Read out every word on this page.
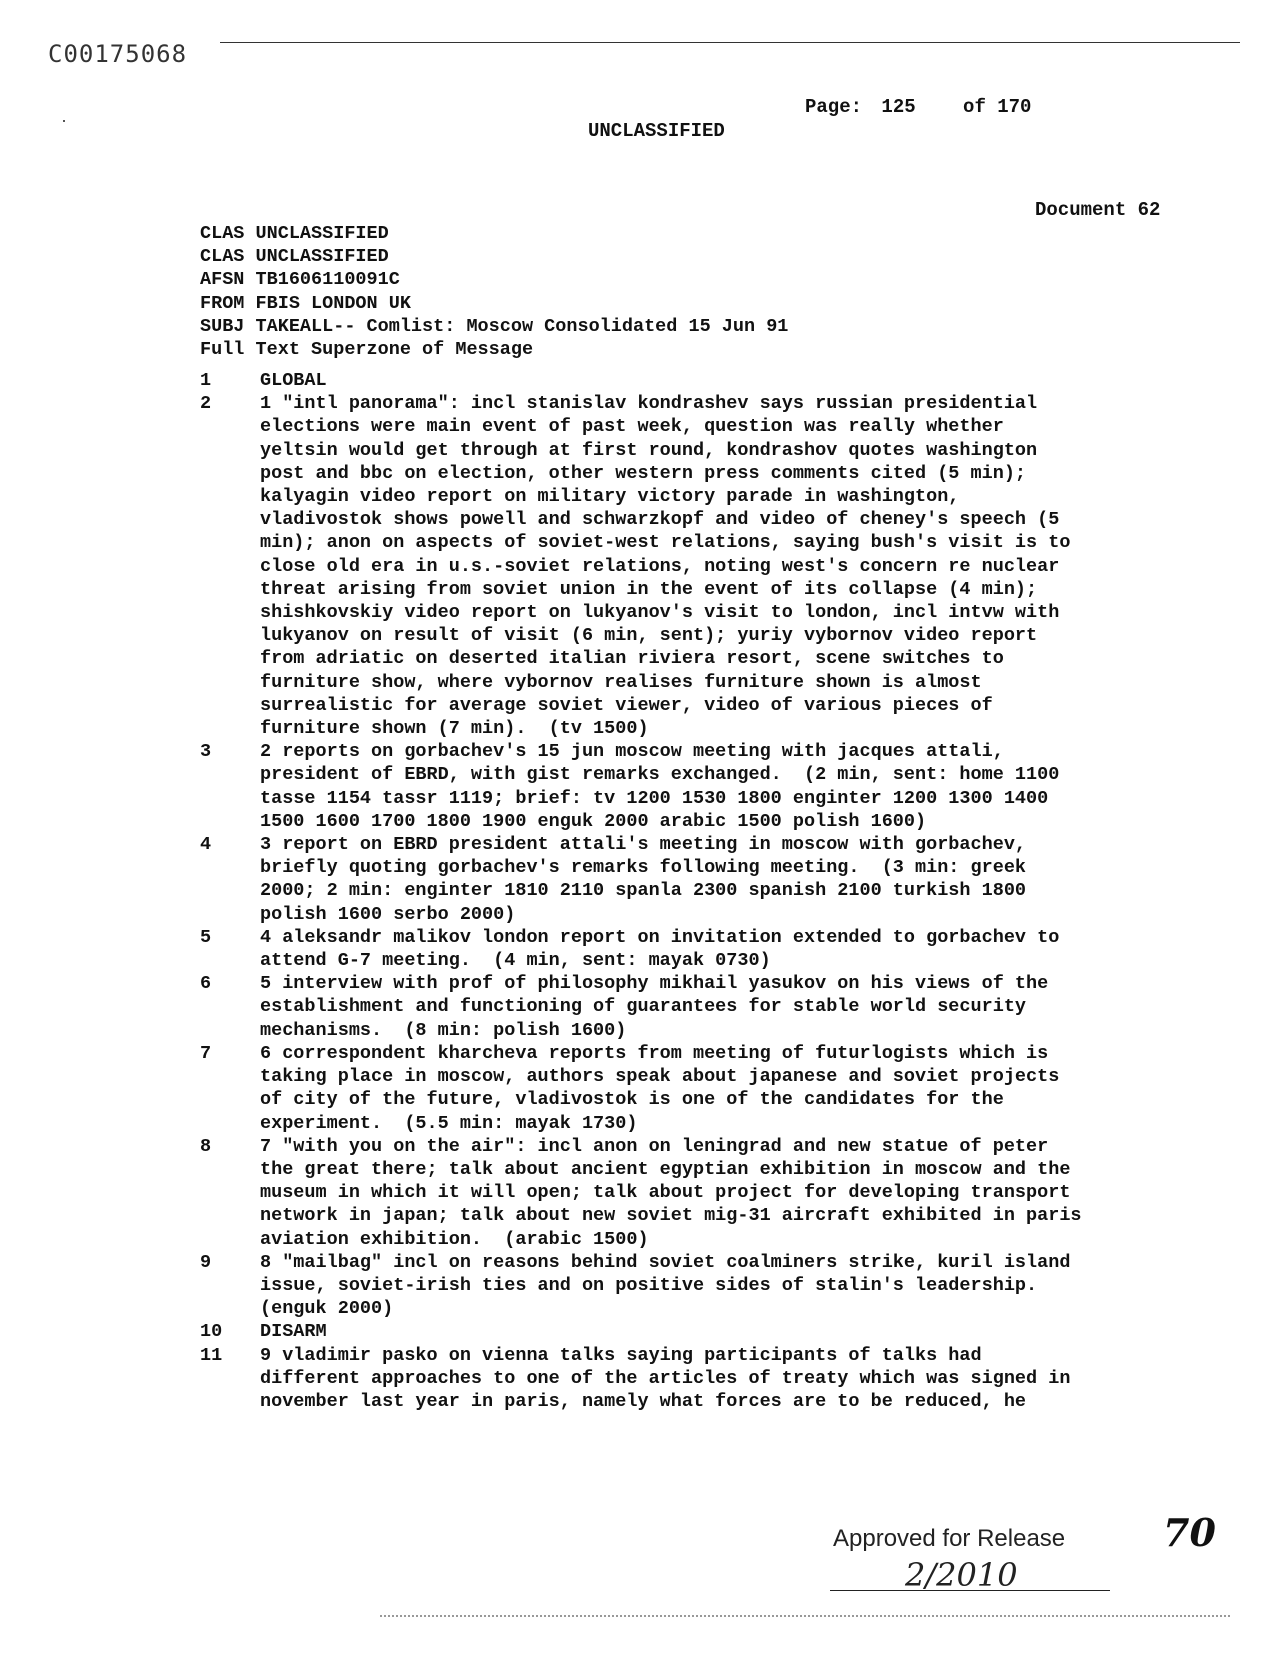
C00175068
Page: 125 of 170
UNCLASSIFIED
Document 62
CLAS UNCLASSIFIED
CLAS UNCLASSIFIED
AFSN TB1606110091C
FROM FBIS LONDON UK
SUBJ TAKEALL-- Comlist: Moscow Consolidated 15 Jun 91
Full Text Superzone of Message
1	GLOBAL
2	1 "intl panorama": incl stanislav kondrashev says russian presidential
elections were main event of past week, question was really whether
yeltsin would get through at first round, kondrashov quotes washington
post and bbc on election, other western press comments cited (5 min);
kalyagin video report on military victory parade in washington,
vladivostok shows powell and schwarzkopf and video of cheney's speech (5
min); anon on aspects of soviet-west relations, saying bush's visit is to
close old era in u.s.-soviet relations, noting west's concern re nuclear
threat arising from soviet union in the event of its collapse (4 min);
shishkovskiy video report on lukyanov's visit to london, incl intvw with
lukyanov on result of visit (6 min, sent); yuriy vybornov video report
from adriatic on deserted italian riviera resort, scene switches to
furniture show, where vybornov realises furniture shown is almost
surrealistic for average soviet viewer, video of various pieces of
furniture shown (7 min).  (tv 1500)
3	2 reports on gorbachev's 15 jun moscow meeting with jacques attali,
president of EBRD, with gist remarks exchanged.  (2 min, sent: home 1100
tasse 1154 tassr 1119; brief: tv 1200 1530 1800 enginter 1200 1300 1400
1500 1600 1700 1800 1900 enguk 2000 arabic 1500 polish 1600)
4	3 report on EBRD president attali's meeting in moscow with gorbachev,
briefly quoting gorbachev's remarks following meeting.  (3 min: greek
2000; 2 min: enginter 1810 2110 spanla 2300 spanish 2100 turkish 1800
polish 1600 serbo 2000)
5	4 aleksandr malikov london report on invitation extended to gorbachev to
attend G-7 meeting.  (4 min, sent: mayak 0730)
6	5 interview with prof of philosophy mikhail yasukov on his views of the
establishment and functioning of guarantees for stable world security
mechanisms.  (8 min: polish 1600)
7	6 correspondent kharcheva reports from meeting of futurlogists which is
taking place in moscow, authors speak about japanese and soviet projects
of city of the future, vladivostok is one of the candidates for the
experiment.  (5.5 min: mayak 1730)
8	7 "with you on the air": incl anon on leningrad and new statue of peter
the great there; talk about ancient egyptian exhibition in moscow and the
museum in which it will open; talk about project for developing transport
network in japan; talk about new soviet mig-31 aircraft exhibited in paris
aviation exhibition.  (arabic 1500)
9	8 "mailbag" incl on reasons behind soviet coalminers strike, kuril island
issue, soviet-irish ties and on positive sides of stalin's leadership.
(enguk 2000)
10	DISARM
11	9 vladimir pasko on vienna talks saying participants of talks had
different approaches to one of the articles of treaty which was signed in
november last year in paris, namely what forces are to be reduced, he
Approved for Release
2/2010
70
